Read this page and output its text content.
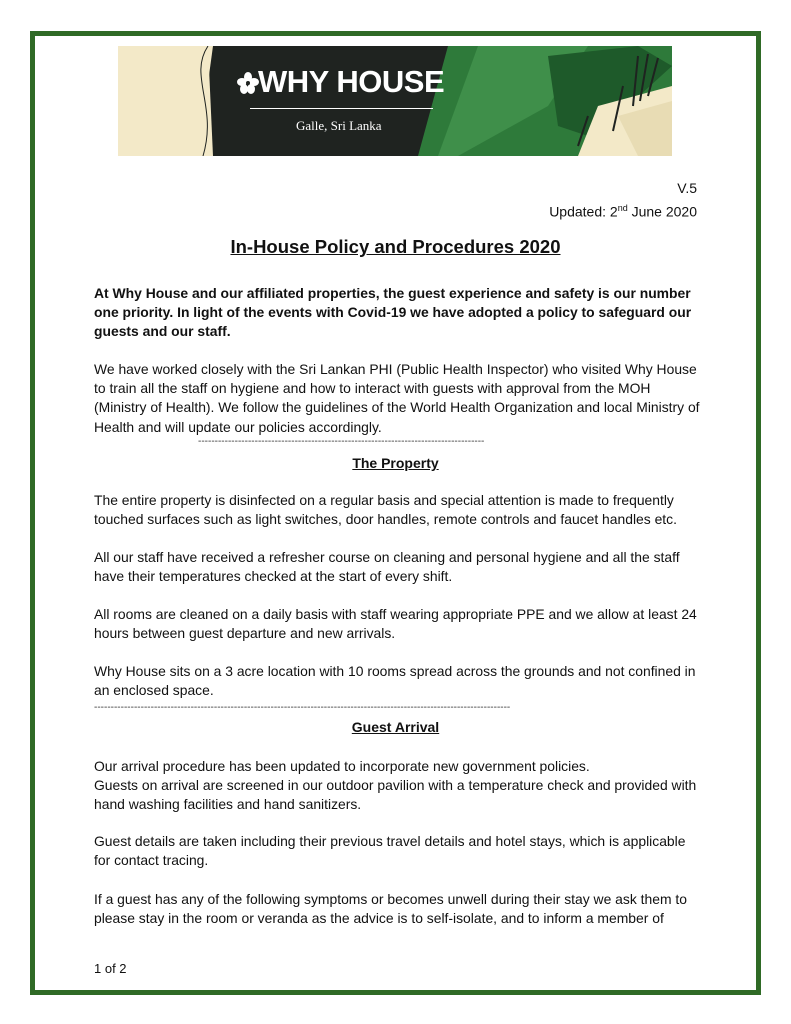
WHY HOUSE
Galle, Sri Lanka
V.5
Updated: 2nd June 2020
In-House Policy and Procedures 2020

At Why House and our affiliated properties, the guest experience and safety is our number one priority. In light of the events with Covid-19 we have adopted a policy to safeguard our guests and our staff.

We have worked closely with the Sri Lankan PHI (Public Health Inspector) who visited Why House to train all the staff on hygiene and how to interact with guests with approval from the MOH (Ministry of Health). We follow the guidelines of the World Health Organization and local Ministry of Health and will update our policies accordingly.

--------------------------------------------------------------------------------------
The Property

The entire property is disinfected on a regular basis and special attention is made to frequently touched surfaces such as light switches, door handles, remote controls and faucet handles etc.

All our staff have received a refresher course on cleaning and personal hygiene and all the staff have their temperatures checked at the start of every shift.

All rooms are cleaned on a daily basis with staff wearing appropriate PPE and we allow at least 24 hours between guest departure and new arrivals.

Why House sits on a 3 acre location with 10 rooms spread across the grounds and not confined in an enclosed space.

-----------------------------------------------------------------------------------------------------------------------------
Guest Arrival

Our arrival procedure has been updated to incorporate new government policies.

Guests on arrival are screened in our outdoor pavilion with a temperature check and provided with hand washing facilities and hand sanitizers.

Guest details are taken including their previous travel details and hotel stays, which is applicable for contact tracing.

If a guest has any of the following symptoms or becomes unwell during their stay we ask them to please stay in the room or veranda as the advice is to self-isolate, and to inform a member of

1 of 2
